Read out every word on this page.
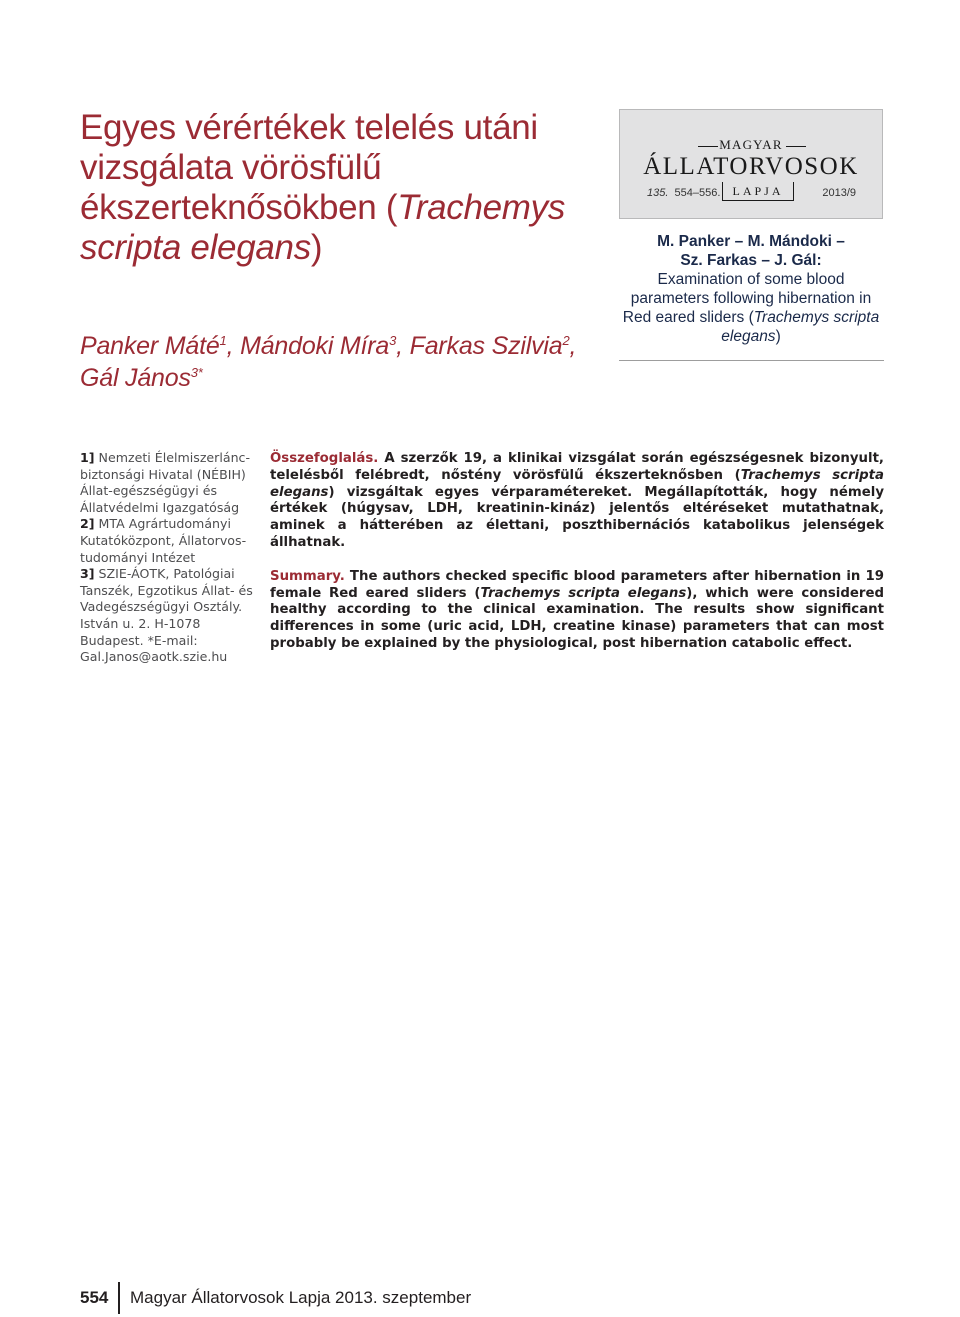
Egyes vérértékek telelés utáni vizsgálata vörösfülű ékszerteknősökben (Trachemys scripta elegans)
Panker Máté$^1$, Mándoki Míra$^3$, Farkas Szilvia$^2$,
Gál János$^{3*}$
MAGYAR
ÁLLATORVOSOK
135. 554–556.	LAPJA	2013/9
M. Panker – M. Mándoki –
Sz. Farkas – J. Gál:
Examination of some blood parameters following hibernation in Red eared sliders (Trachemys scripta elegans)

1] Nemzeti Élelmiszerlánc-biztonsági Hivatal (NÉBIH) Állat-egészségügyi és Állatvédelmi Igazgatóság

2] MTA Agrártudományi Kutatóközpont, Állatorvos-tudományi Intézet

3] SZIE-ÁOTK, Patológiai Tanszék, Egzotikus Állat- és Vadegészségügyi Osztály. István u. 2. H-1078 Budapest. *E-mail: Gal.Janos@aotk.szie.hu

Összefoglalás. A szerzők 19, a klinikai vizsgálat során egészségesnek bizonyult, telelésből felébredt, nőstény vörösfülű ékszerteknősben (Trachemys scripta elegans) vizsgáltak egyes vérparamétereket. Megállapították, hogy némely értékek (húgysav, LDH, kreatinin-kináz) jelentős eltéréseket mutathatnak, aminek a hátterében az élettani, poszthibernációs katabolikus jelenségek állhatnak.

Summary. The authors checked specific blood parameters after hibernation in 19 female Red eared sliders (Trachemys scripta elegans), which were considered healthy according to the clinical examination. The results show significant differences in some (uric acid, LDH, creatine kinase) parameters that can most probably be explained by the physiological, post hibernation catabolic effect.

554 Magyar Állatorvosok Lapja 2013. szeptember
